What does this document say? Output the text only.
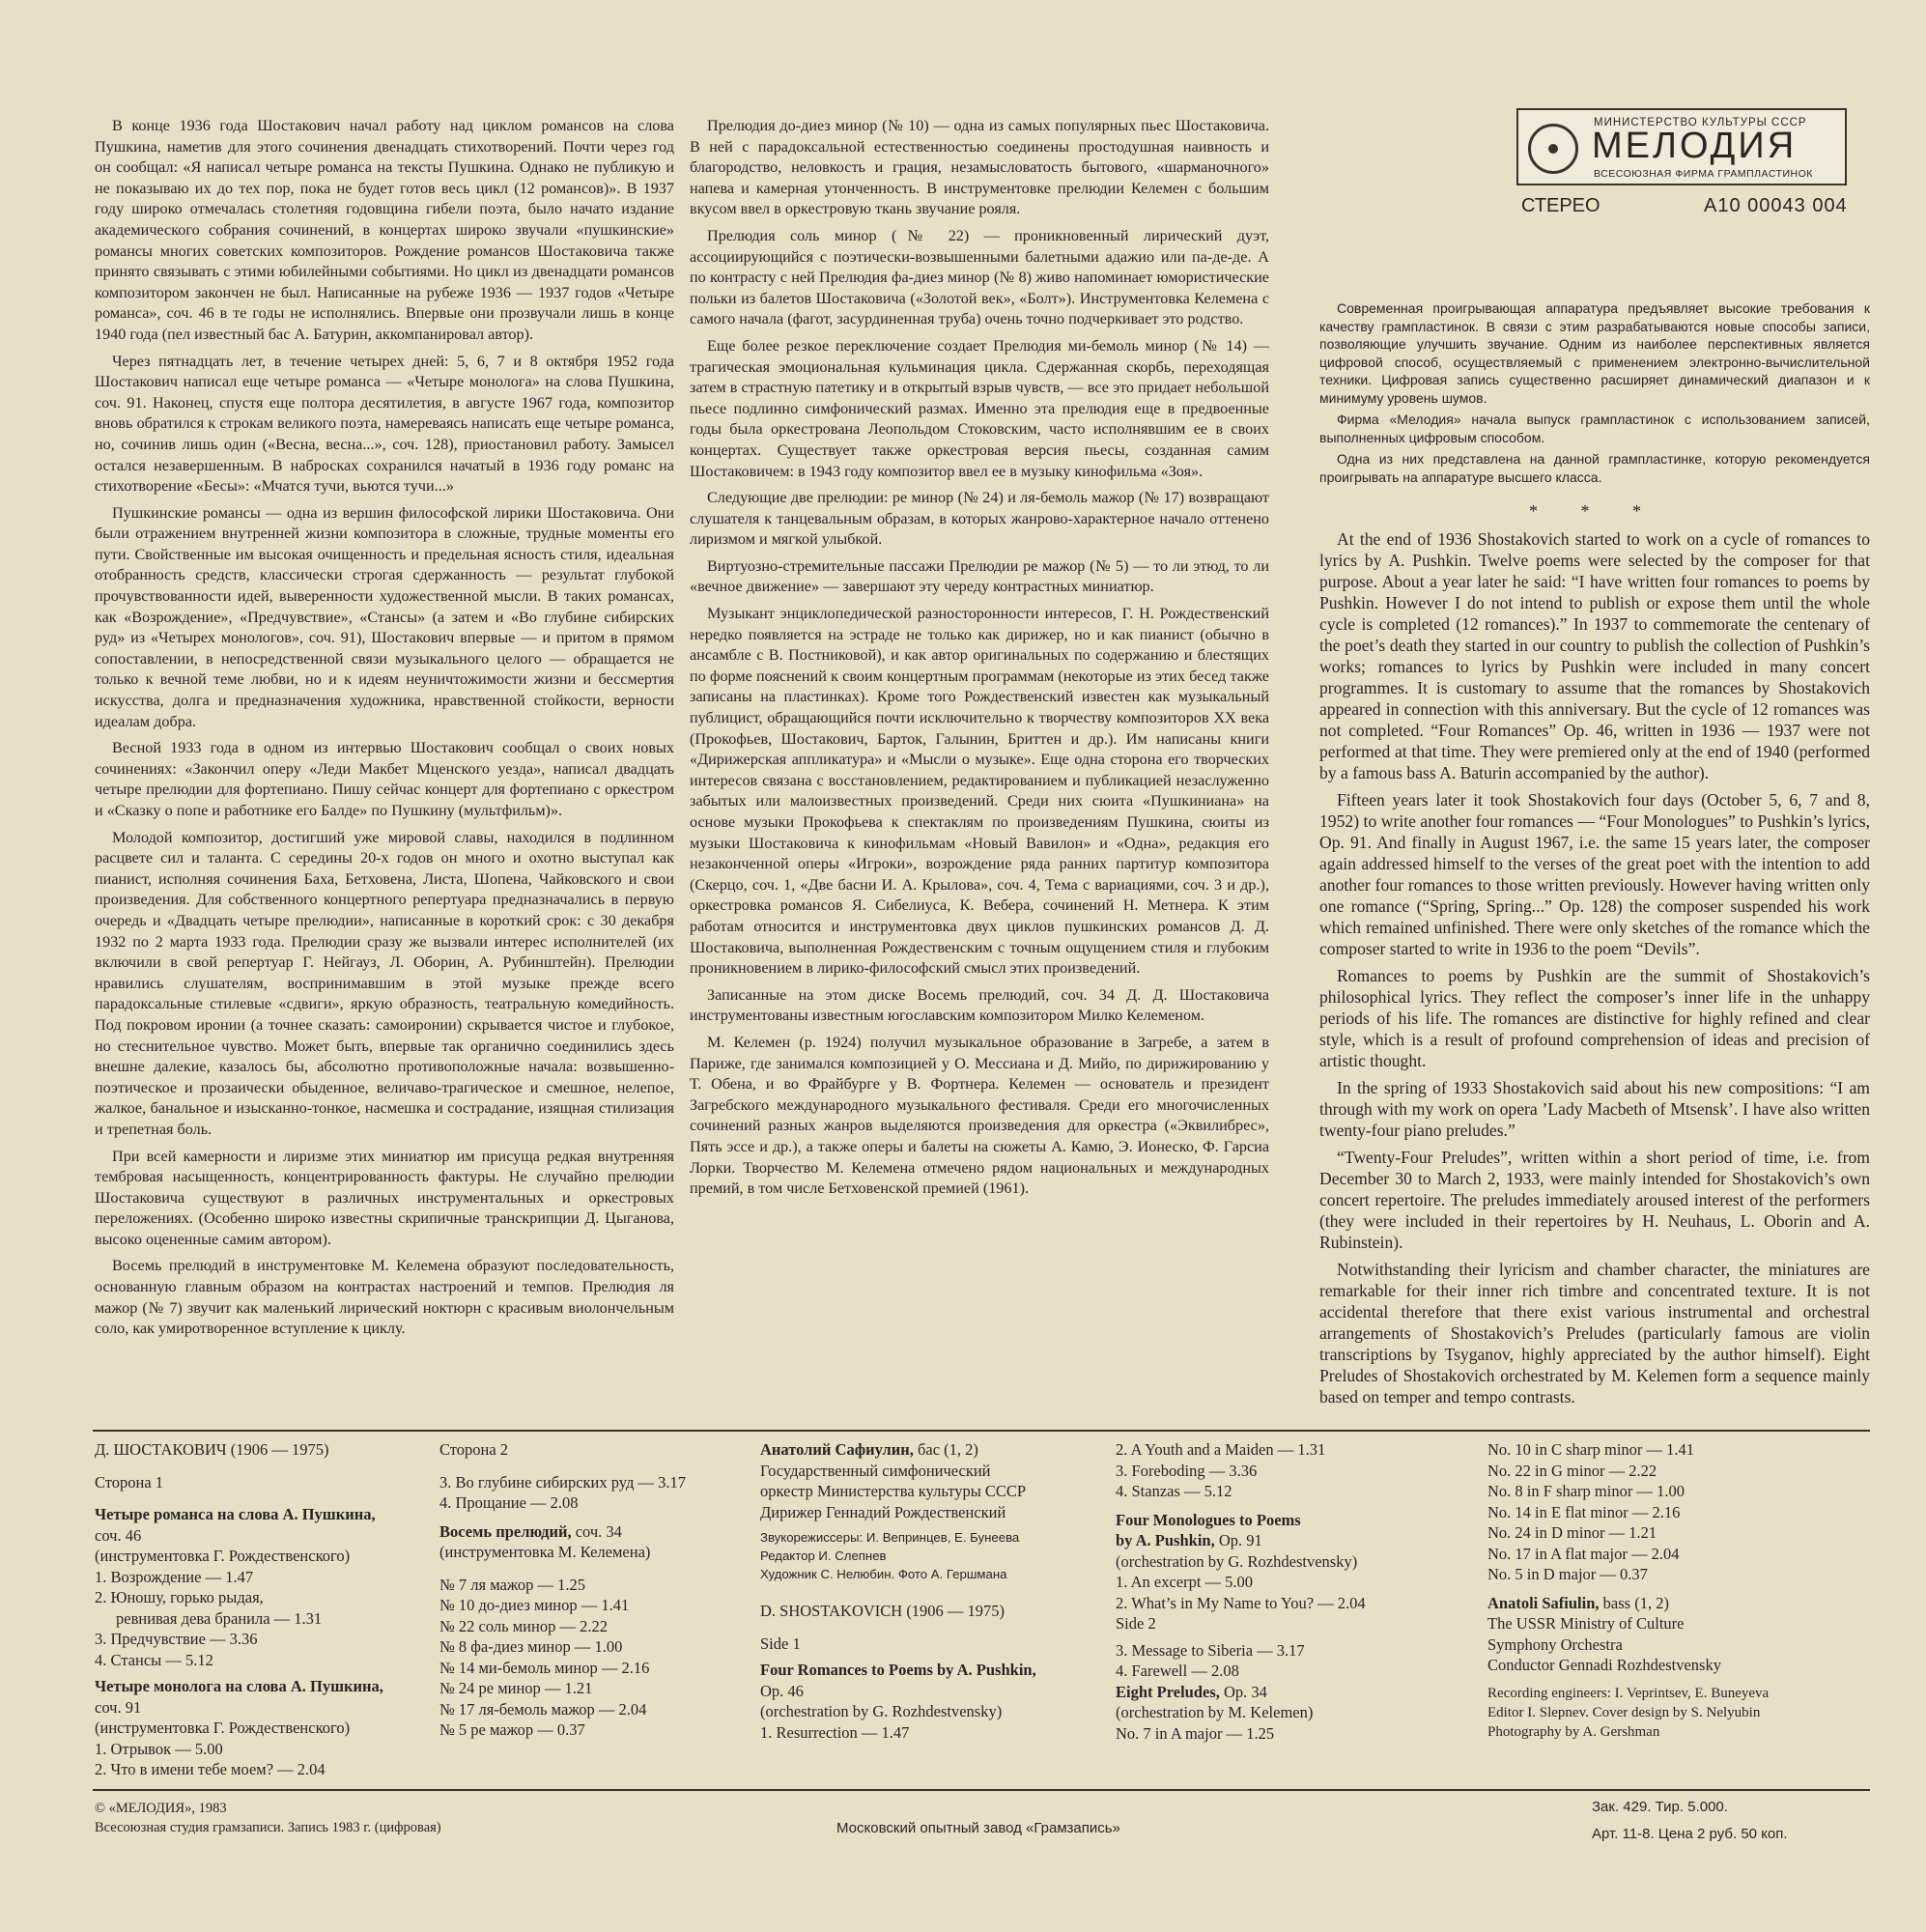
В конце 1936 года Шостакович начал работу над циклом романсов на слова Пушкина, наметив для этого сочинения двенадцать стихотворений. Почти через год он сообщал: «Я написал четыре романса на тексты Пушкина. Однако не публикую и не показываю их до тех пор, пока не будет готов весь цикл (12 романсов)». В 1937 году широко отмечалась столетняя годовщина гибели поэта, было начато издание академического собрания сочинений, в концертах широко звучали «пушкинские» романсы многих советских композиторов. Рождение романсов Шостаковича также принято связывать с этими юбилейными событиями. Но цикл из двенадцати романсов композитором закончен не был. Написанные на рубеже 1936 — 1937 годов «Четыре романса», соч. 46 в те годы не исполнялись. Впервые они прозвучали лишь в конце 1940 года (пел известный бас А. Батурин, аккомпанировал автор).

Через пятнадцать лет, в течение четырех дней: 5, 6, 7 и 8 октября 1952 года Шостакович написал еще четыре романса — «Четыре монолога» на слова Пушкина, соч. 91. Наконец, спустя еще полтора десятилетия, в августе 1967 года, композитор вновь обратился к строкам великого поэта, намереваясь написать еще четыре романса, но, сочинив лишь один («Весна, весна...», соч. 128), приостановил работу. Замысел остался незавершенным. В набросках сохранился начатый в 1936 году романс на стихотворение «Бесы»: «Мчатся тучи, вьются тучи...»

Пушкинские романсы — одна из вершин философской лирики Шостаковича. Они были отражением внутренней жизни композитора в сложные, трудные моменты его пути. Свойственные им высокая очищенность и предельная ясность стиля, идеальная отобранность средств, классически строгая сдержанность — результат глубокой прочувствованности идей, выверенности художественной мысли. В таких романсах, как «Возрождение», «Предчувствие», «Стансы» (а затем и «Во глубине сибирских руд» из «Четырех монологов», соч. 91), Шостакович впервые — и притом в прямом сопоставлении, в непосредственной связи музыкального целого — обращается не только к вечной теме любви, но и к идеям неуничтожимости жизни и бессмертия искусства, долга и предназначения художника, нравственной стойкости, верности идеалам добра.

Весной 1933 года в одном из интервью Шостакович сообщал о своих новых сочинениях: «Закончил оперу «Леди Макбет Мценского уезда», написал двадцать четыре прелюдии для фортепиано. Пишу сейчас концерт для фортепиано с оркестром и «Сказку о попе и работнике его Балде» по Пушкину (мультфильм)».

Молодой композитор, достигший уже мировой славы, находился в подлинном расцвете сил и таланта. С середины 20-х годов он много и охотно выступал как пианист, исполняя сочинения Баха, Бетховена, Листа, Шопена, Чайковского и свои произведения. Для собственного концертного репертуара предназначались в первую очередь и «Двадцать четыре прелюдии», написанные в короткий срок: с 30 декабря 1932 по 2 марта 1933 года. Прелюдии сразу же вызвали интерес исполнителей (их включили в свой репертуар Г. Нейгауз, Л. Оборин, А. Рубинштейн). Прелюдии нравились слушателям, воспринимавшим в этой музыке прежде всего парадоксальные стилевые «сдвиги», яркую образность, театральную комедийность. Под покровом иронии (а точнее сказать: самоиронии) скрывается чистое и глубокое, но стеснительное чувство. Может быть, впервые так органично соединились здесь внешне далекие, казалось бы, абсолютно противоположные начала: возвышенно-поэтическое и прозаически обыденное, величаво-трагическое и смешное, нелепое, жалкое, банальное и изысканно-тонкое, насмешка и сострадание, изящная стилизация и трепетная боль.

При всей камерности и лиризме этих миниатюр им присуща редкая внутренняя тембровая насыщенность, концентрированность фактуры. Не случайно прелюдии Шостаковича существуют в различных инструментальных и оркестровых переложениях. (Особенно широко известны скрипичные транскрипции Д. Цыганова, высоко оцененные самим автором).

Восемь прелюдий в инструментовке М. Келемена образуют последовательность, основанную главным образом на контрастах настроений и темпов. Прелюдия ля мажор (№ 7) звучит как маленький лирический ноктюрн с красивым виолончельным соло, как умиротворенное вступление к циклу.

Прелюдия до-диез минор (№ 10) — одна из самых популярных пьес Шостаковича. В ней с парадоксальной естественностью соединены простодушная наивность и благородство, неловкость и грация, незамысловатость бытового, «шарманочного» напева и камерная утонченность. В инструментовке прелюдии Келемен с большим вкусом ввел в оркестровую ткань звучание рояля.

Прелюдия соль минор (№ 22) — проникновенный лирический дуэт, ассоциирующийся с поэтически-возвышенными балетными адажио или па-де-де. А по контрасту с ней Прелюдия фа-диез минор (№ 8) живо напоминает юмористические польки из балетов Шостаковича («Золотой век», «Болт»). Инструментовка Келемена с самого начала (фагот, засурдиненная труба) очень точно подчеркивает это родство.

Еще более резкое переключение создает Прелюдия ми-бемоль минор (№ 14) — трагическая эмоциональная кульминация цикла. Сдержанная скорбь, переходящая затем в страстную патетику и в открытый взрыв чувств, — все это придает небольшой пьесе подлинно симфонический размах. Именно эта прелюдия еще в предвоенные годы была оркестрована Леопольдом Стоковским, часто исполнявшим ее в своих концертах. Существует также оркестровая версия пьесы, созданная самим Шостаковичем: в 1943 году композитор ввел ее в музыку кинофильма «Зоя».

Следующие две прелюдии: ре минор (№ 24) и ля-бемоль мажор (№ 17) возвращают слушателя к танцевальным образам, в которых жанрово-характерное начало оттенено лиризмом и мягкой улыбкой.

Виртуозно-стремительные пассажи Прелюдии ре мажор (№ 5) — то ли этюд, то ли «вечное движение» — завершают эту череду контрастных миниатюр.

Музыкант энциклопедической разносторонности интересов, Г. Н. Рождественский нередко появляется на эстраде не только как дирижер, но и как пианист (обычно в ансамбле с В. Постниковой), и как автор оригинальных по содержанию и блестящих по форме пояснений к своим концертным программам (некоторые из этих бесед также записаны на пластинках). Кроме того Рождественский известен как музыкальный публицист, обращающийся почти исключительно к творчеству композиторов XX века (Прокофьев, Шостакович, Барток, Галынин, Бриттен и др.). Им написаны книги «Дирижерская аппликатура» и «Мысли о музыке». Еще одна сторона его творческих интересов связана с восстановлением, редактированием и публикацией незаслуженно забытых или малоизвестных произведений. Среди них сюита «Пушкиниана» на основе музыки Прокофьева к спектаклям по произведениям Пушкина, сюиты из музыки Шостаковича к кинофильмам «Новый Вавилон» и «Одна», редакция его незаконченной оперы «Игроки», возрождение ряда ранних партитур композитора (Скерцо, соч. 1, «Две басни И. А. Крылова», соч. 4, Тема с вариациями, соч. 3 и др.), оркестровка романсов Я. Сибелиуса, К. Вебера, сочинений Н. Метнера. К этим работам относится и инструментовка двух циклов пушкинских романсов Д. Д. Шостаковича, выполненная Рождественским с точным ощущением стиля и глубоким проникновением в лирико-философский смысл этих произведений.

Записанные на этом диске Восемь прелюдий, соч. 34 Д. Д. Шостаковича инструментованы известным югославским композитором Милко Келеменом.

М. Келемен (р. 1924) получил музыкальное образование в Загребе, а затем в Париже, где занимался композицией у О. Мессиана и Д. Мийо, по дирижированию у Т. Обена, и во Фрайбурге у В. Фортнера. Келемен — основатель и президент Загребского международного музыкального фестиваля. Среди его многочисленных сочинений разных жанров выделяются произведения для оркестра («Эквилибрес», Пять эссе и др.), а также оперы и балеты на сюжеты А. Камю, Э. Ионеско, Ф. Гарсиа Лорки. Творчество М. Келемена отмечено рядом национальных и международных премий, в том числе Бетховенской премией (1961).

МИНИСТЕРСТВО КУЛЬТУРЫ СССР
МЕЛОДИЯ
ВСЕСОЮЗНАЯ ФИРМА ГРАМПЛАСТИНОК
СТЕРЕО	А10 00043 004

Современная проигрывающая аппаратура предъявляет высокие требования к качеству грампластинок. В связи с этим разрабатываются новые способы записи, позволяющие улучшить звучание. Одним из наиболее перспективных является цифровой способ, осуществляемый с применением электронно-вычислительной техники. Цифровая запись существенно расширяет динамический диапазон и к минимуму уровень шумов.

Фирма «Мелодия» начала выпуск грампластинок с использованием записей, выполненных цифровым способом.

Одна из них представлена на данной грампластинке, которую рекомендуется проигрывать на аппаратуре высшего класса.

* * *

At the end of 1936 Shostakovich started to work on a cycle of romances to lyrics by A. Pushkin. Twelve poems were selected by the composer for that purpose. About a year later he said: “I have written four romances to poems by Pushkin. However I do not intend to publish or expose them until the whole cycle is completed (12 romances).” In 1937 to commemorate the centenary of the poet’s death they started in our country to publish the collection of Pushkin’s works; romances to lyrics by Pushkin were included in many concert programmes. It is customary to assume that the romances by Shostakovich appeared in connection with this anniversary. But the cycle of 12 romances was not completed. “Four Romances” Op. 46, written in 1936 — 1937 were not performed at that time. They were premiered only at the end of 1940 (performed by a famous bass A. Baturin accompanied by the author).

Fifteen years later it took Shostakovich four days (October 5, 6, 7 and 8, 1952) to write another four romances — “Four Monologues” to Pushkin’s lyrics, Op. 91. And finally in August 1967, i.e. the same 15 years later, the composer again addressed himself to the verses of the great poet with the intention to add another four romances to those written previously. However having written only one romance (“Spring, Spring...” Op. 128) the composer suspended his work which remained unfinished. There were only sketches of the romance which the composer started to write in 1936 to the poem “Devils”.

Romances to poems by Pushkin are the summit of Shostakovich’s philosophical lyrics. They reflect the composer’s inner life in the unhappy periods of his life. The romances are distinctive for highly refined and clear style, which is a result of profound comprehension of ideas and precision of artistic thought.

In the spring of 1933 Shostakovich said about his new compositions: “I am through with my work on opera ’Lady Macbeth of Mtsensk’. I have also written twenty-four piano preludes.”

“Twenty-Four Preludes”, written within a short period of time, i.e. from December 30 to March 2, 1933, were mainly intended for Shostakovich’s own concert repertoire. The preludes immediately aroused interest of the performers (they were included in their repertoires by H. Neuhaus, L. Oborin and A. Rubinstein).

Notwithstanding their lyricism and chamber character, the miniatures are remarkable for their inner rich timbre and concentrated texture. It is not accidental therefore that there exist various instrumental and orchestral arrangements of Shostakovich’s Preludes (particularly famous are violin transcriptions by Tsyganov, highly appreciated by the author himself). Eight Preludes of Shostakovich orchestrated by M. Kelemen form a sequence mainly based on temper and tempo contrasts.

Д. ШОСТАКОВИЧ (1906 — 1975)
Сторона 1
Четыре романса на слова А. Пушкина,
соч. 46
(инструментовка Г. Рождественского)
1. Возрождение — 1.47
2. Юношу, горько рыдая,
ревнивая дева бранила — 1.31
3. Предчувствие — 3.36
4. Стансы — 5.12
Четыре монолога на слова А. Пушкина,
соч. 91
(инструментовка Г. Рождественского)
1. Отрывок — 5.00
2. Что в имени тебе моем? — 2.04
Сторона 2
3. Во глубине сибирских руд — 3.17
4. Прощание — 2.08
Восемь прелюдий, соч. 34
(инструментовка М. Келемена)
№ 7 ля мажор — 1.25
№ 10 до-диез минор — 1.41
№ 22 соль минор — 2.22
№ 8 фа-диез минор — 1.00
№ 14 ми-бемоль минор — 2.16
№ 24 ре минор — 1.21
№ 17 ля-бемоль мажор — 2.04
№ 5 ре мажор — 0.37
Анатолий Сафиулин, бас (1, 2)
Государственный симфонический
оркестр Министерства культуры СССР
Дирижер Геннадий Рождественский
Звукорежиссеры: И. Вепринцев, Е. Бунеева
Редактор И. Слепнев
Художник С. Нелюбин. Фото А. Гершмана
D. SHOSTAKOVICH (1906 — 1975)
Side 1
Four Romances to Poems by A. Pushkin,
Op. 46
(orchestration by G. Rozhdestvensky)
1. Resurrection — 1.47
2. A Youth and a Maiden — 1.31
3. Foreboding — 3.36
4. Stanzas — 5.12
Four Monologues to Poems
by A. Pushkin, Op. 91
(orchestration by G. Rozhdestvensky)
1. An excerpt — 5.00
2. What’s in My Name to You? — 2.04
Side 2
3. Message to Siberia — 3.17
4. Farewell — 2.08
Eight Preludes, Op. 34
(orchestration by M. Kelemen)
No. 7 in A major — 1.25
No. 10 in C sharp minor — 1.41
No. 22 in G minor — 2.22
No. 8 in F sharp minor — 1.00
No. 14 in E flat minor — 2.16
No. 24 in D minor — 1.21
No. 17 in A flat major — 2.04
No. 5 in D major — 0.37
Anatoli Safiulin, bass (1, 2)
The USSR Ministry of Culture
Symphony Orchestra
Conductor Gennadi Rozhdestvensky
Recording engineers: I. Veprintsev, E. Buneyeva
Editor I. Slepnev. Cover design by S. Nelyubin
Photography by A. Gershman
© «МЕЛОДИЯ», 1983
Всесоюзная студия грамзаписи. Запись 1983 г. (цифровая)	Московский опытный завод «Грамзапись»
Зак. 429. Тир. 5.000.
Арт. 11-8. Цена 2 руб. 50 коп.
